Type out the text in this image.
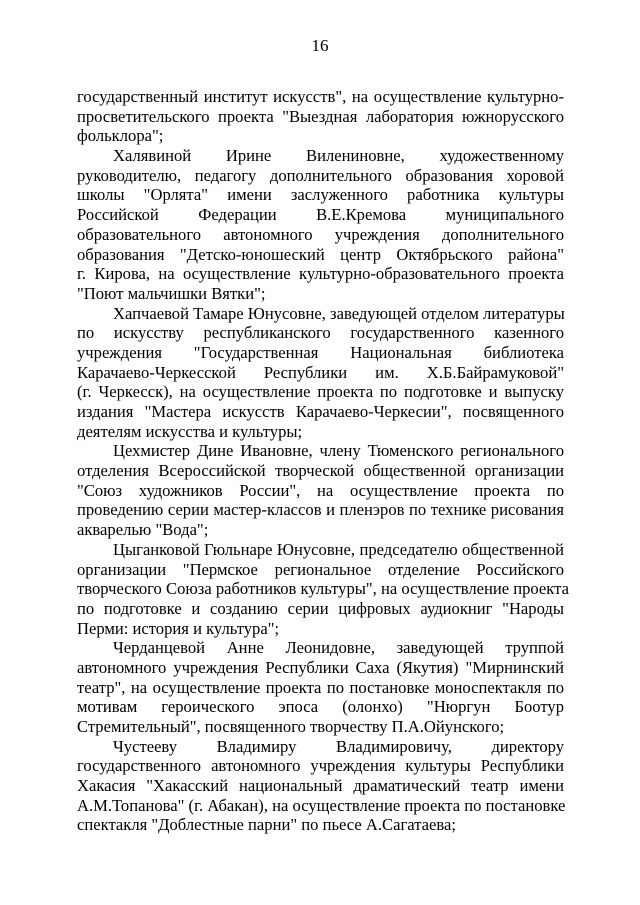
16
государственный институт искусств", на осуществление культурно-
просветительского проекта "Выездная лаборатория южнорусского
фольклора";
Халявиной Ирине Вилениновне, художественному
руководителю, педагогу дополнительного образования хоровой
школы "Орлята" имени заслуженного работника культуры
Российской Федерации В.Е.Кремова муниципального
образовательного автономного учреждения дополнительного
образования "Детско-юношеский центр Октябрьского района"
г. Кирова, на осуществление культурно-образовательного проекта
"Поют мальчишки Вятки";
Хапчаевой Тамаре Юнусовне, заведующей отделом литературы
по искусству республиканского государственного казенного
учреждения "Государственная Национальная библиотека
Карачаево-Черкесской Республики им. Х.Б.Байрамуковой"
(г. Черкесск), на осуществление проекта по подготовке и выпуску
издания "Мастера искусств Карачаево-Черкесии", посвященного
деятелям искусства и культуры;
Цехмистер Дине Ивановне, члену Тюменского регионального
отделения Всероссийской творческой общественной организации
"Союз художников России", на осуществление проекта по
проведению серии мастер-классов и пленэров по технике рисования
акварелью "Вода";
Цыганковой Гюльнаре Юнусовне, председателю общественной
организации "Пермское региональное отделение Российского
творческого Союза работников культуры", на осуществление проекта
по подготовке и созданию серии цифровых аудиокниг "Народы
Перми: история и культура";
Черданцевой Анне Леонидовне, заведующей труппой
автономного учреждения Республики Саха (Якутия) "Мирнинский
театр", на осуществление проекта по постановке моноспектакля по
мотивам героического эпоса (олонхо) "Нюргун Боотур
Стремительный", посвященного творчеству П.А.Ойунского;
Чустееву Владимиру Владимировичу, директору
государственного автономного учреждения культуры Республики
Хакасия "Хакасский национальный драматический театр имени
А.М.Топанова" (г. Абакан), на осуществление проекта по постановке
спектакля "Доблестные парни" по пьесе А.Сагатаева;
